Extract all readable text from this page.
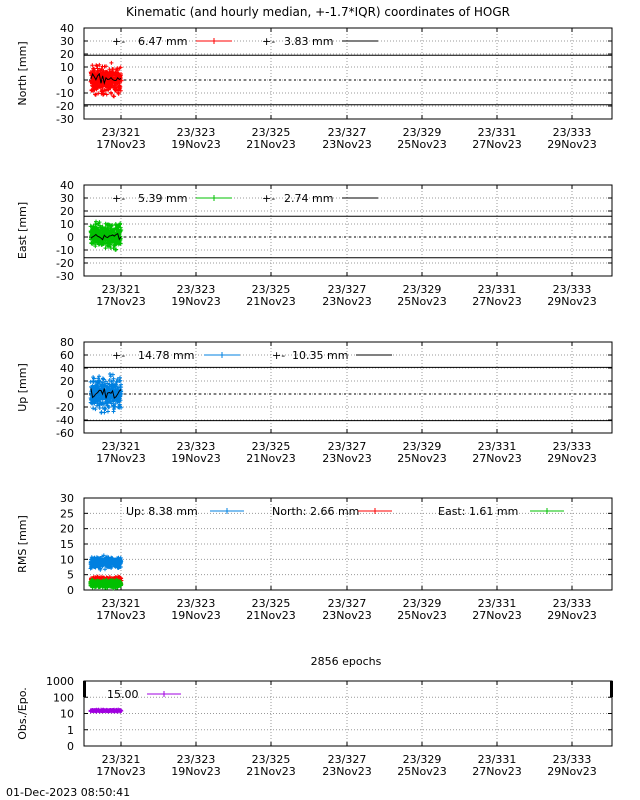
Kinematic (and hourly median, +-1.7*IQR) coordinates of HOGR
23/321
17Nov23
23/323
19Nov23
23/325
21Nov23
23/327
23Nov23
23/329
25Nov23
23/331
27Nov23
23/333
29Nov23
-30
-20
-10
0
10
20
30
40
North [mm]	+- 6.47 mm	+- 3.83 mm
23/321
17Nov23
23/323
19Nov23
23/325
21Nov23
23/327
23Nov23
23/329
25Nov23
23/331
27Nov23
23/333
29Nov23
-30
-20
-10
0
10
20
30
40
East [mm]
+- 5.39 mm	+- 2.74 mm
23/321
17Nov23
23/323
19Nov23
23/325
21Nov23
23/327
23Nov23
23/329
25Nov23
23/331
27Nov23
23/333
29Nov23
-60
-40
-20
0
20
40
60
80
Up [mm]
+- 14.78 mm	+- 10.35 mm
23/321
17Nov23
23/323
19Nov23
23/325
21Nov23
23/327
23Nov23
23/329
25Nov23
23/331
27Nov23
23/333
29Nov23
0
5
10
15
20
25
30
RMS [mm]
Up: 8.38 mm	North: 2.66 mm	East: 1.61 mm
23/321
17Nov23
23/323
19Nov23
23/325
21Nov23
23/327
23Nov23
23/329
25Nov23
23/331
27Nov23
23/333
29Nov23
0
1
10
100
1000
Obs./Epo.	15.00
2856 epochs
01-Dec-2023 08:50:41
